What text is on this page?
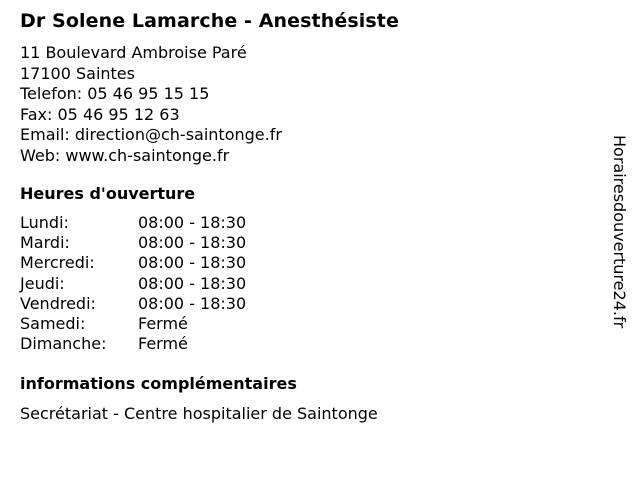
Dr Solene Lamarche - Anesthésiste
11 Boulevard Ambroise Paré
17100 Saintes
Telefon: 05 46 95 15 15
Fax: 05 46 95 12 63
Email: direction@ch-saintonge.fr
Web: www.ch-saintonge.fr
Heures d'ouverture
Lundi:	08:00 - 18:30
Mardi:	08:00 - 18:30
Mercredi:	08:00 - 18:30
Jeudi:	08:00 - 18:30
Vendredi:	08:00 - 18:30
Samedi:	Fermé
Dimanche:	Fermé
informations complémentaires
Secrétariat - Centre hospitalier de Saintonge
Horairesdouverture24.fr
